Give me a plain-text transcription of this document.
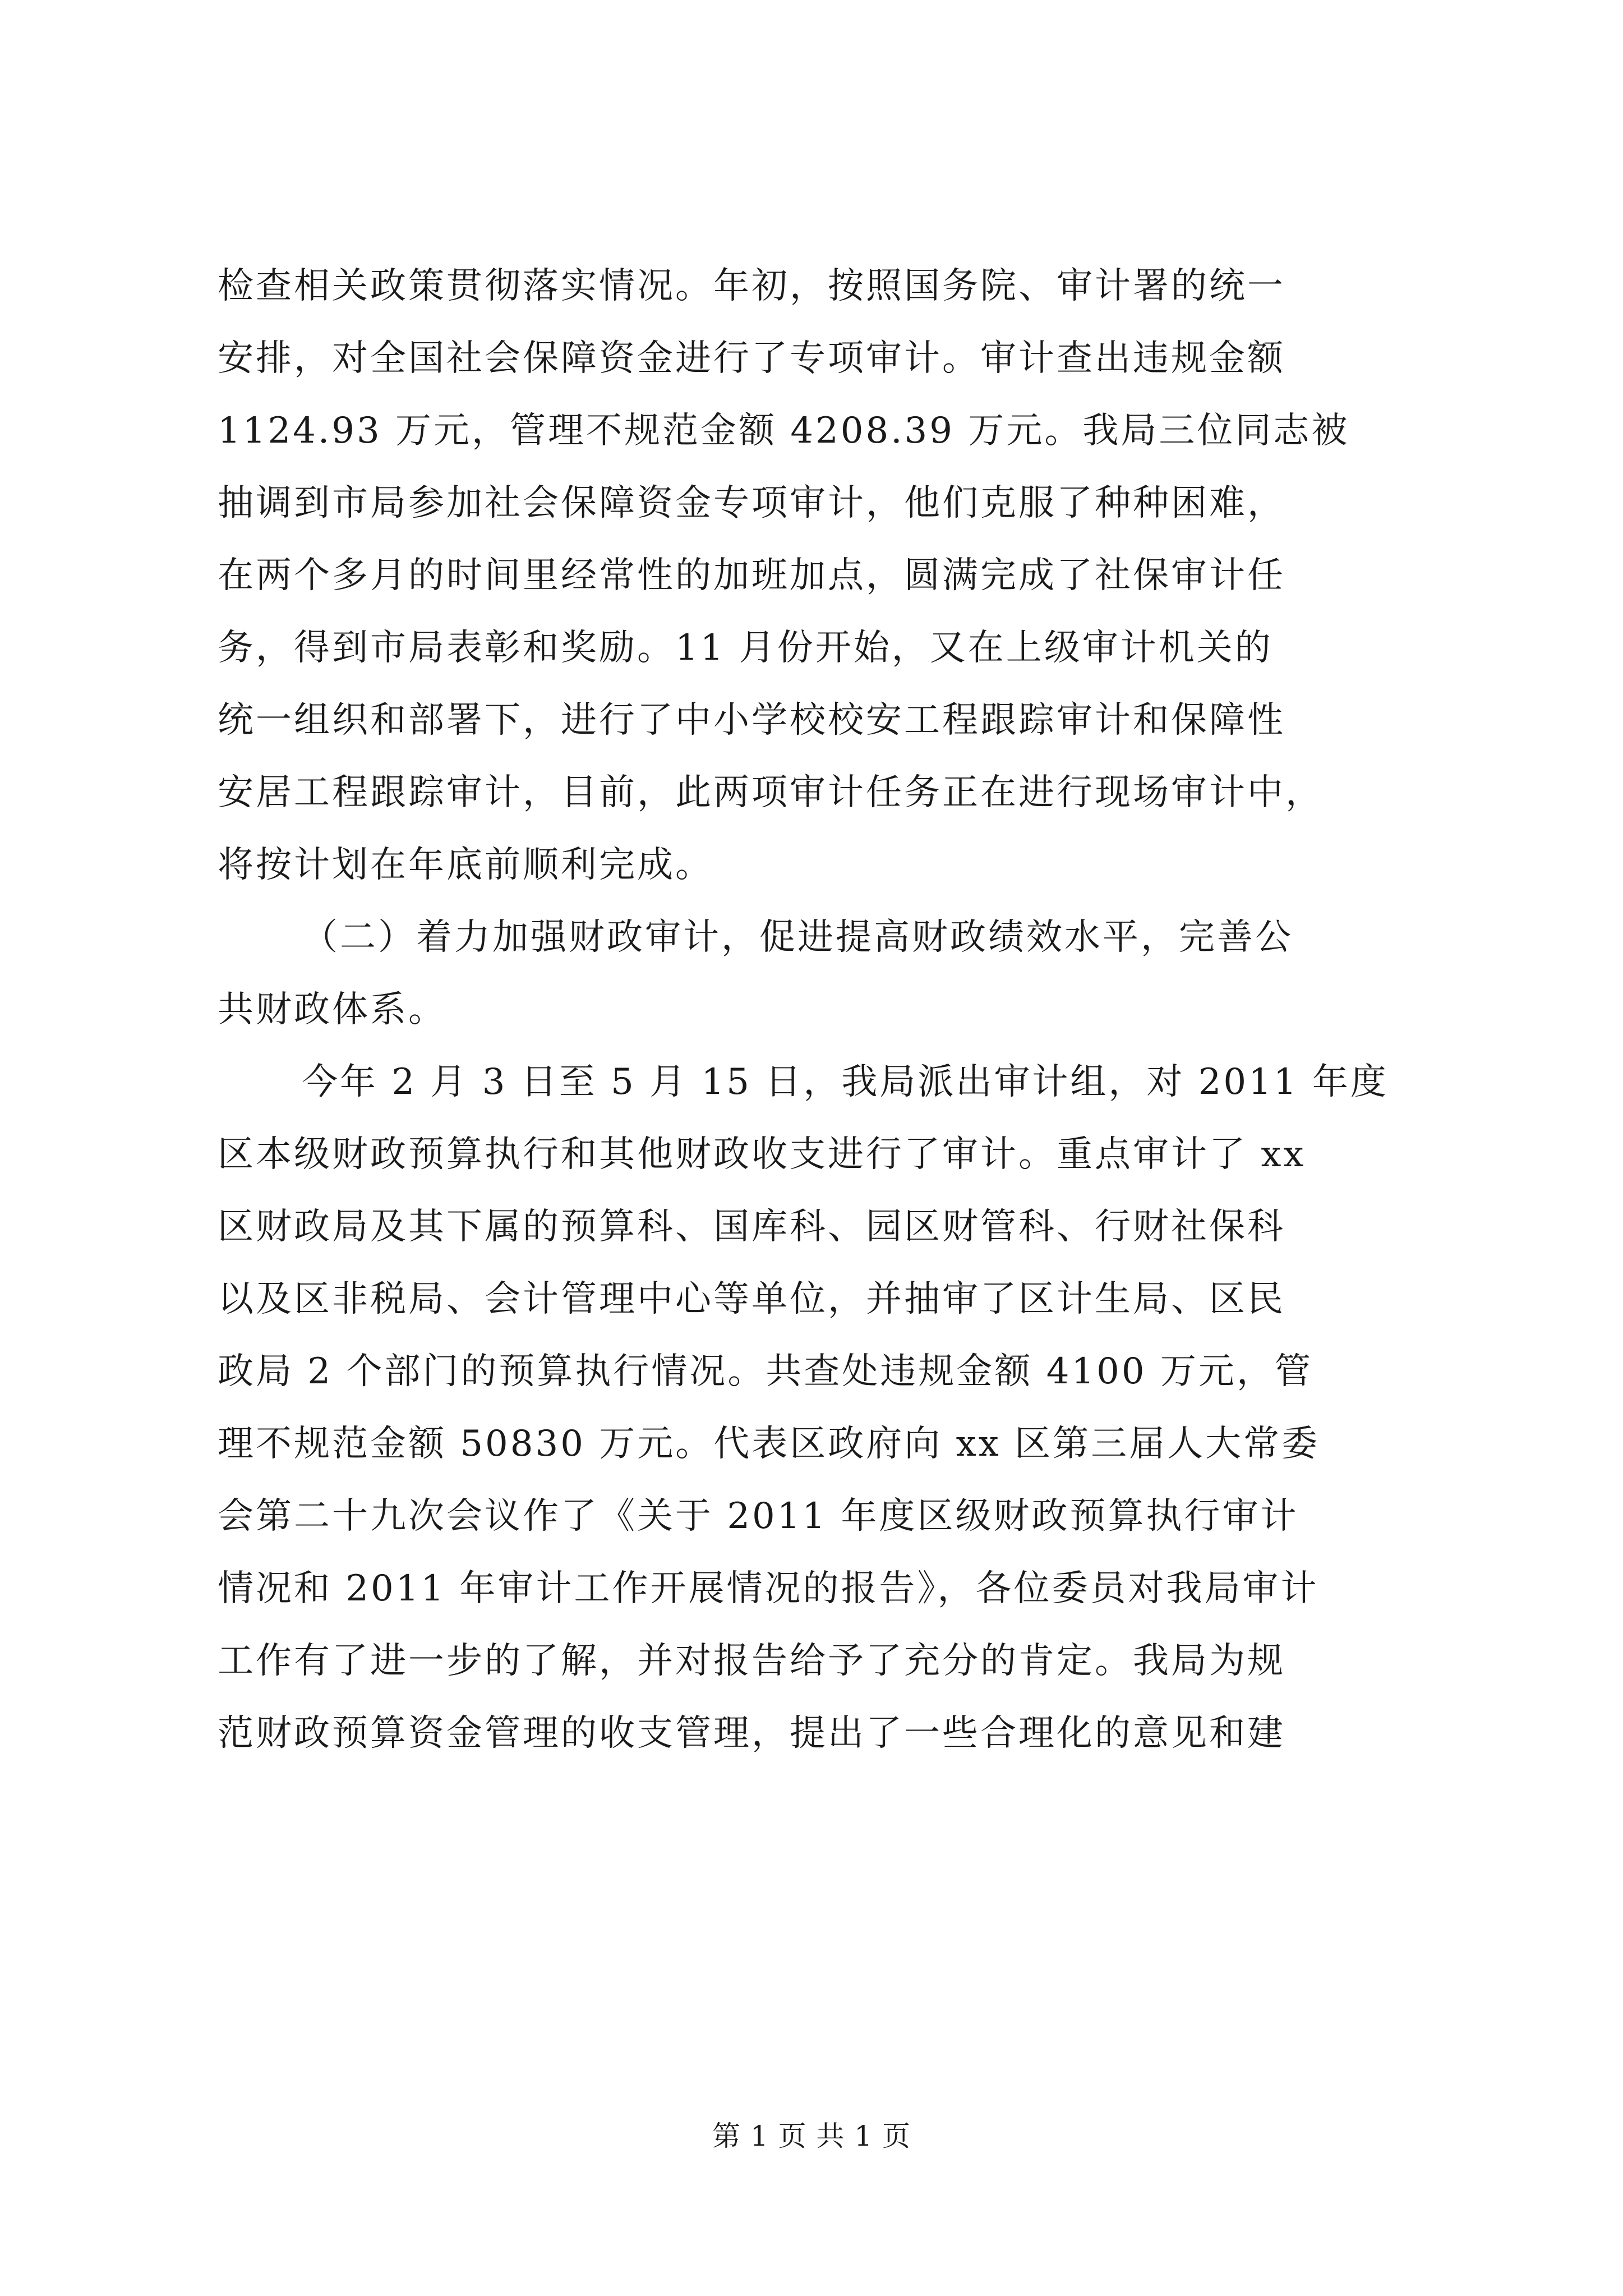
检查相关政策贯彻落实情况。年初，按照国务院、审计署的统一
安排，对全国社会保障资金进行了专项审计。审计查出违规金额
1124.93 万元，管理不规范金额 4208.39 万元。我局三位同志被
抽调到市局参加社会保障资金专项审计，他们克服了种种困难，
在两个多月的时间里经常性的加班加点，圆满完成了社保审计任
务，得到市局表彰和奖励。11 月份开始，又在上级审计机关的
统一组织和部署下，进行了中小学校校安工程跟踪审计和保障性
安居工程跟踪审计，目前，此两项审计任务正在进行现场审计中，
将按计划在年底前顺利完成。
（二）着力加强财政审计，促进提高财政绩效水平，完善公
共财政体系。
今年 2 月 3 日至 5 月 15 日，我局派出审计组，对 2011 年度
区本级财政预算执行和其他财政收支进行了审计。重点审计了 xx
区财政局及其下属的预算科、国库科、园区财管科、行财社保科
以及区非税局、会计管理中心等单位，并抽审了区计生局、区民
政局 2 个部门的预算执行情况。共查处违规金额 4100 万元，管
理不规范金额 50830 万元。代表区政府向 xx 区第三届人大常委
会第二十九次会议作了《关于 2011 年度区级财政预算执行审计
情况和 2011 年审计工作开展情况的报告》，各位委员对我局审计
工作有了进一步的了解，并对报告给予了充分的肯定。我局为规
范财政预算资金管理的收支管理，提出了一些合理化的意见和建
第 1 页 共 1 页
